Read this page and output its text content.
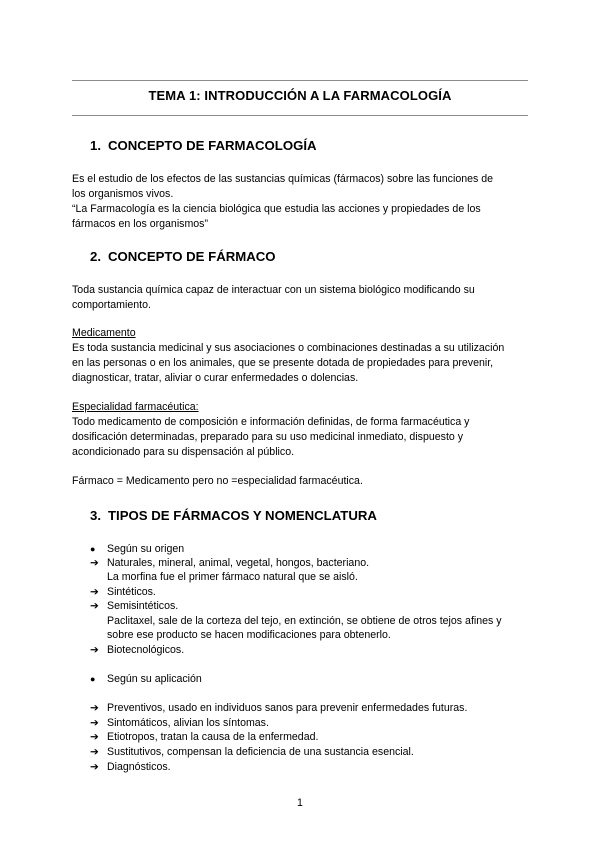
TEMA 1: INTRODUCCIÓN A LA FARMACOLOGÍA
1. CONCEPTO DE FARMACOLOGÍA
Es el estudio de los efectos de las sustancias químicas (fármacos) sobre las funciones de
los organismos vivos.
“La Farmacología es la ciencia biológica que estudia las acciones y propiedades de los
fármacos en los organismos”
2. CONCEPTO DE FÁRMACO
Toda sustancia química capaz de interactuar con un sistema biológico modificando su
comportamiento.
Medicamento
Es toda sustancia medicinal y sus asociaciones o combinaciones destinadas a su utilización
en las personas o en los animales, que se presente dotada de propiedades para prevenir,
diagnosticar, tratar, aliviar o curar enfermedades o dolencias.
Especialidad farmacéutica:
Todo medicamento de composición e información definidas, de forma farmacéutica y
dosificación determinadas, preparado para su uso medicinal inmediato, dispuesto y
acondicionado para su dispensación al público.
Fármaco = Medicamento pero no =especialidad farmacéutica.
3. TIPOS DE FÁRMACOS Y NOMENCLATURA
● Según su origen
➔ Naturales, mineral, animal, vegetal, hongos, bacteriano.
La morfina fue el primer fármaco natural que se aisló.
➔ Sintéticos.
➔ Semisintéticos.
Paclitaxel, sale de la corteza del tejo, en extinción, se obtiene de otros tejos afines y
sobre ese producto se hacen modificaciones para obtenerlo.
➔ Biotecnológicos.
● Según su aplicación
➔ Preventivos, usado en individuos sanos para prevenir enfermedades futuras.
➔ Sintomáticos, alivian los síntomas.
➔ Etiotropos, tratan la causa de la enfermedad.
➔ Sustitutivos, compensan la deficiencia de una sustancia esencial.
➔ Diagnósticos.
1
